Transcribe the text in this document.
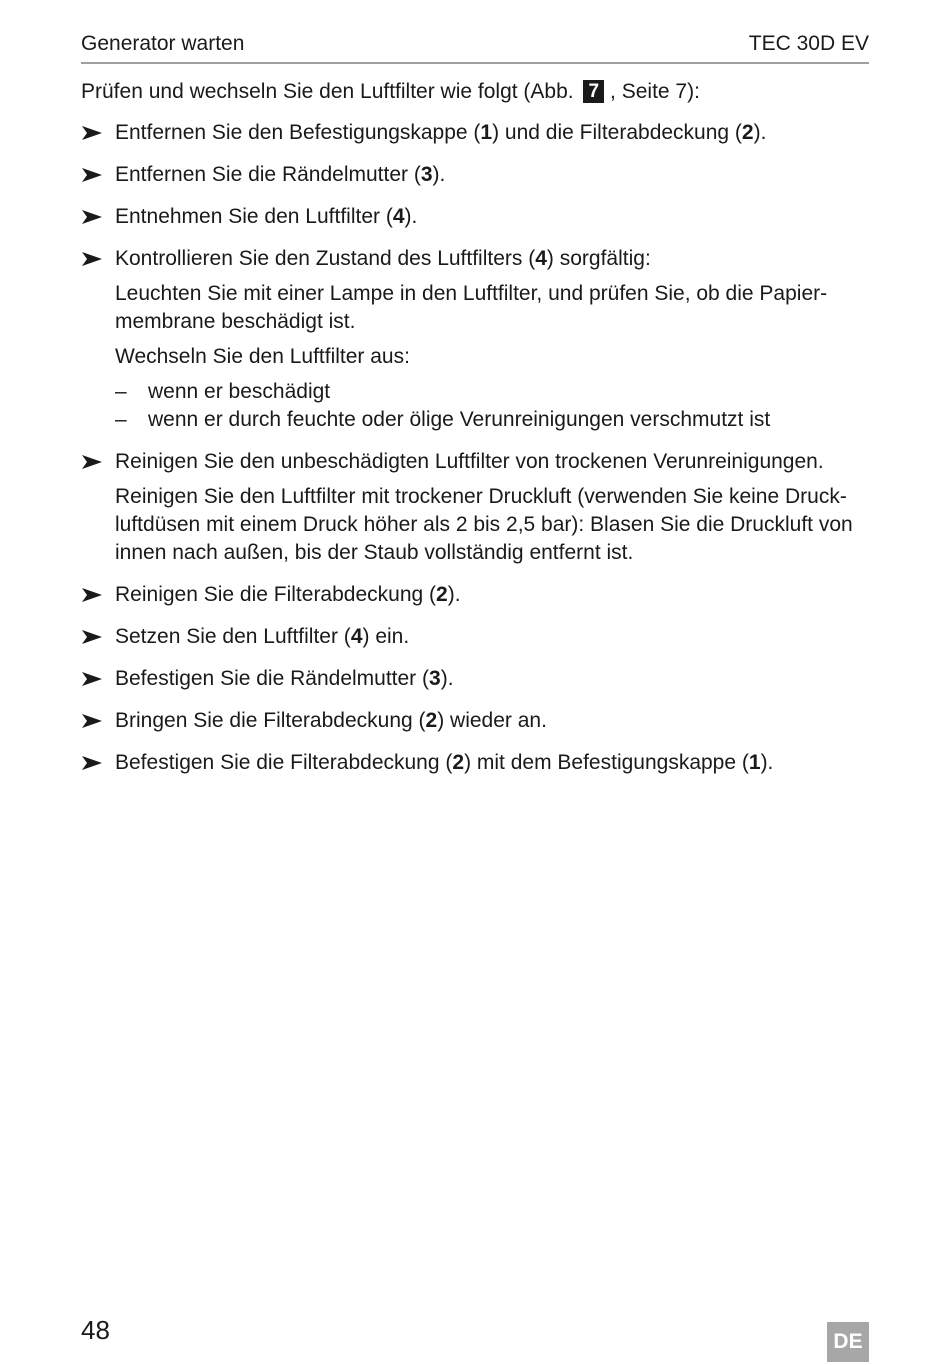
Generator warten	TEC 30D EV

Prüfen und wechseln Sie den Luftfilter wie folgt (Abb. 7 , Seite 7):

Entfernen Sie den Befestigungskappe (1) und die Filterabdeckung (2).

Entfernen Sie die Rändelmutter (3).

Entnehmen Sie den Luftfilter (4).

Kontrollieren Sie den Zustand des Luftfilters (4) sorgfältig:

Leuchten Sie mit einer Lampe in den Luftfilter, und prüfen Sie, ob die Papier-membrane beschädigt ist.

Wechseln Sie den Luftfilter aus:

– wenn er beschädigt
– wenn er durch feuchte oder ölige Verunreinigungen verschmutzt ist

Reinigen Sie den unbeschädigten Luftfilter von trockenen Verunreinigungen.

Reinigen Sie den Luftfilter mit trockener Druckluft (verwenden Sie keine Druck-luftdüsen mit einem Druck höher als 2 bis 2,5 bar): Blasen Sie die Druckluft von innen nach außen, bis der Staub vollständig entfernt ist.

Reinigen Sie die Filterabdeckung (2).

Setzen Sie den Luftfilter (4) ein.

Befestigen Sie die Rändelmutter (3).

Bringen Sie die Filterabdeckung (2) wieder an.

Befestigen Sie die Filterabdeckung (2) mit dem Befestigungskappe (1).

48	DE
